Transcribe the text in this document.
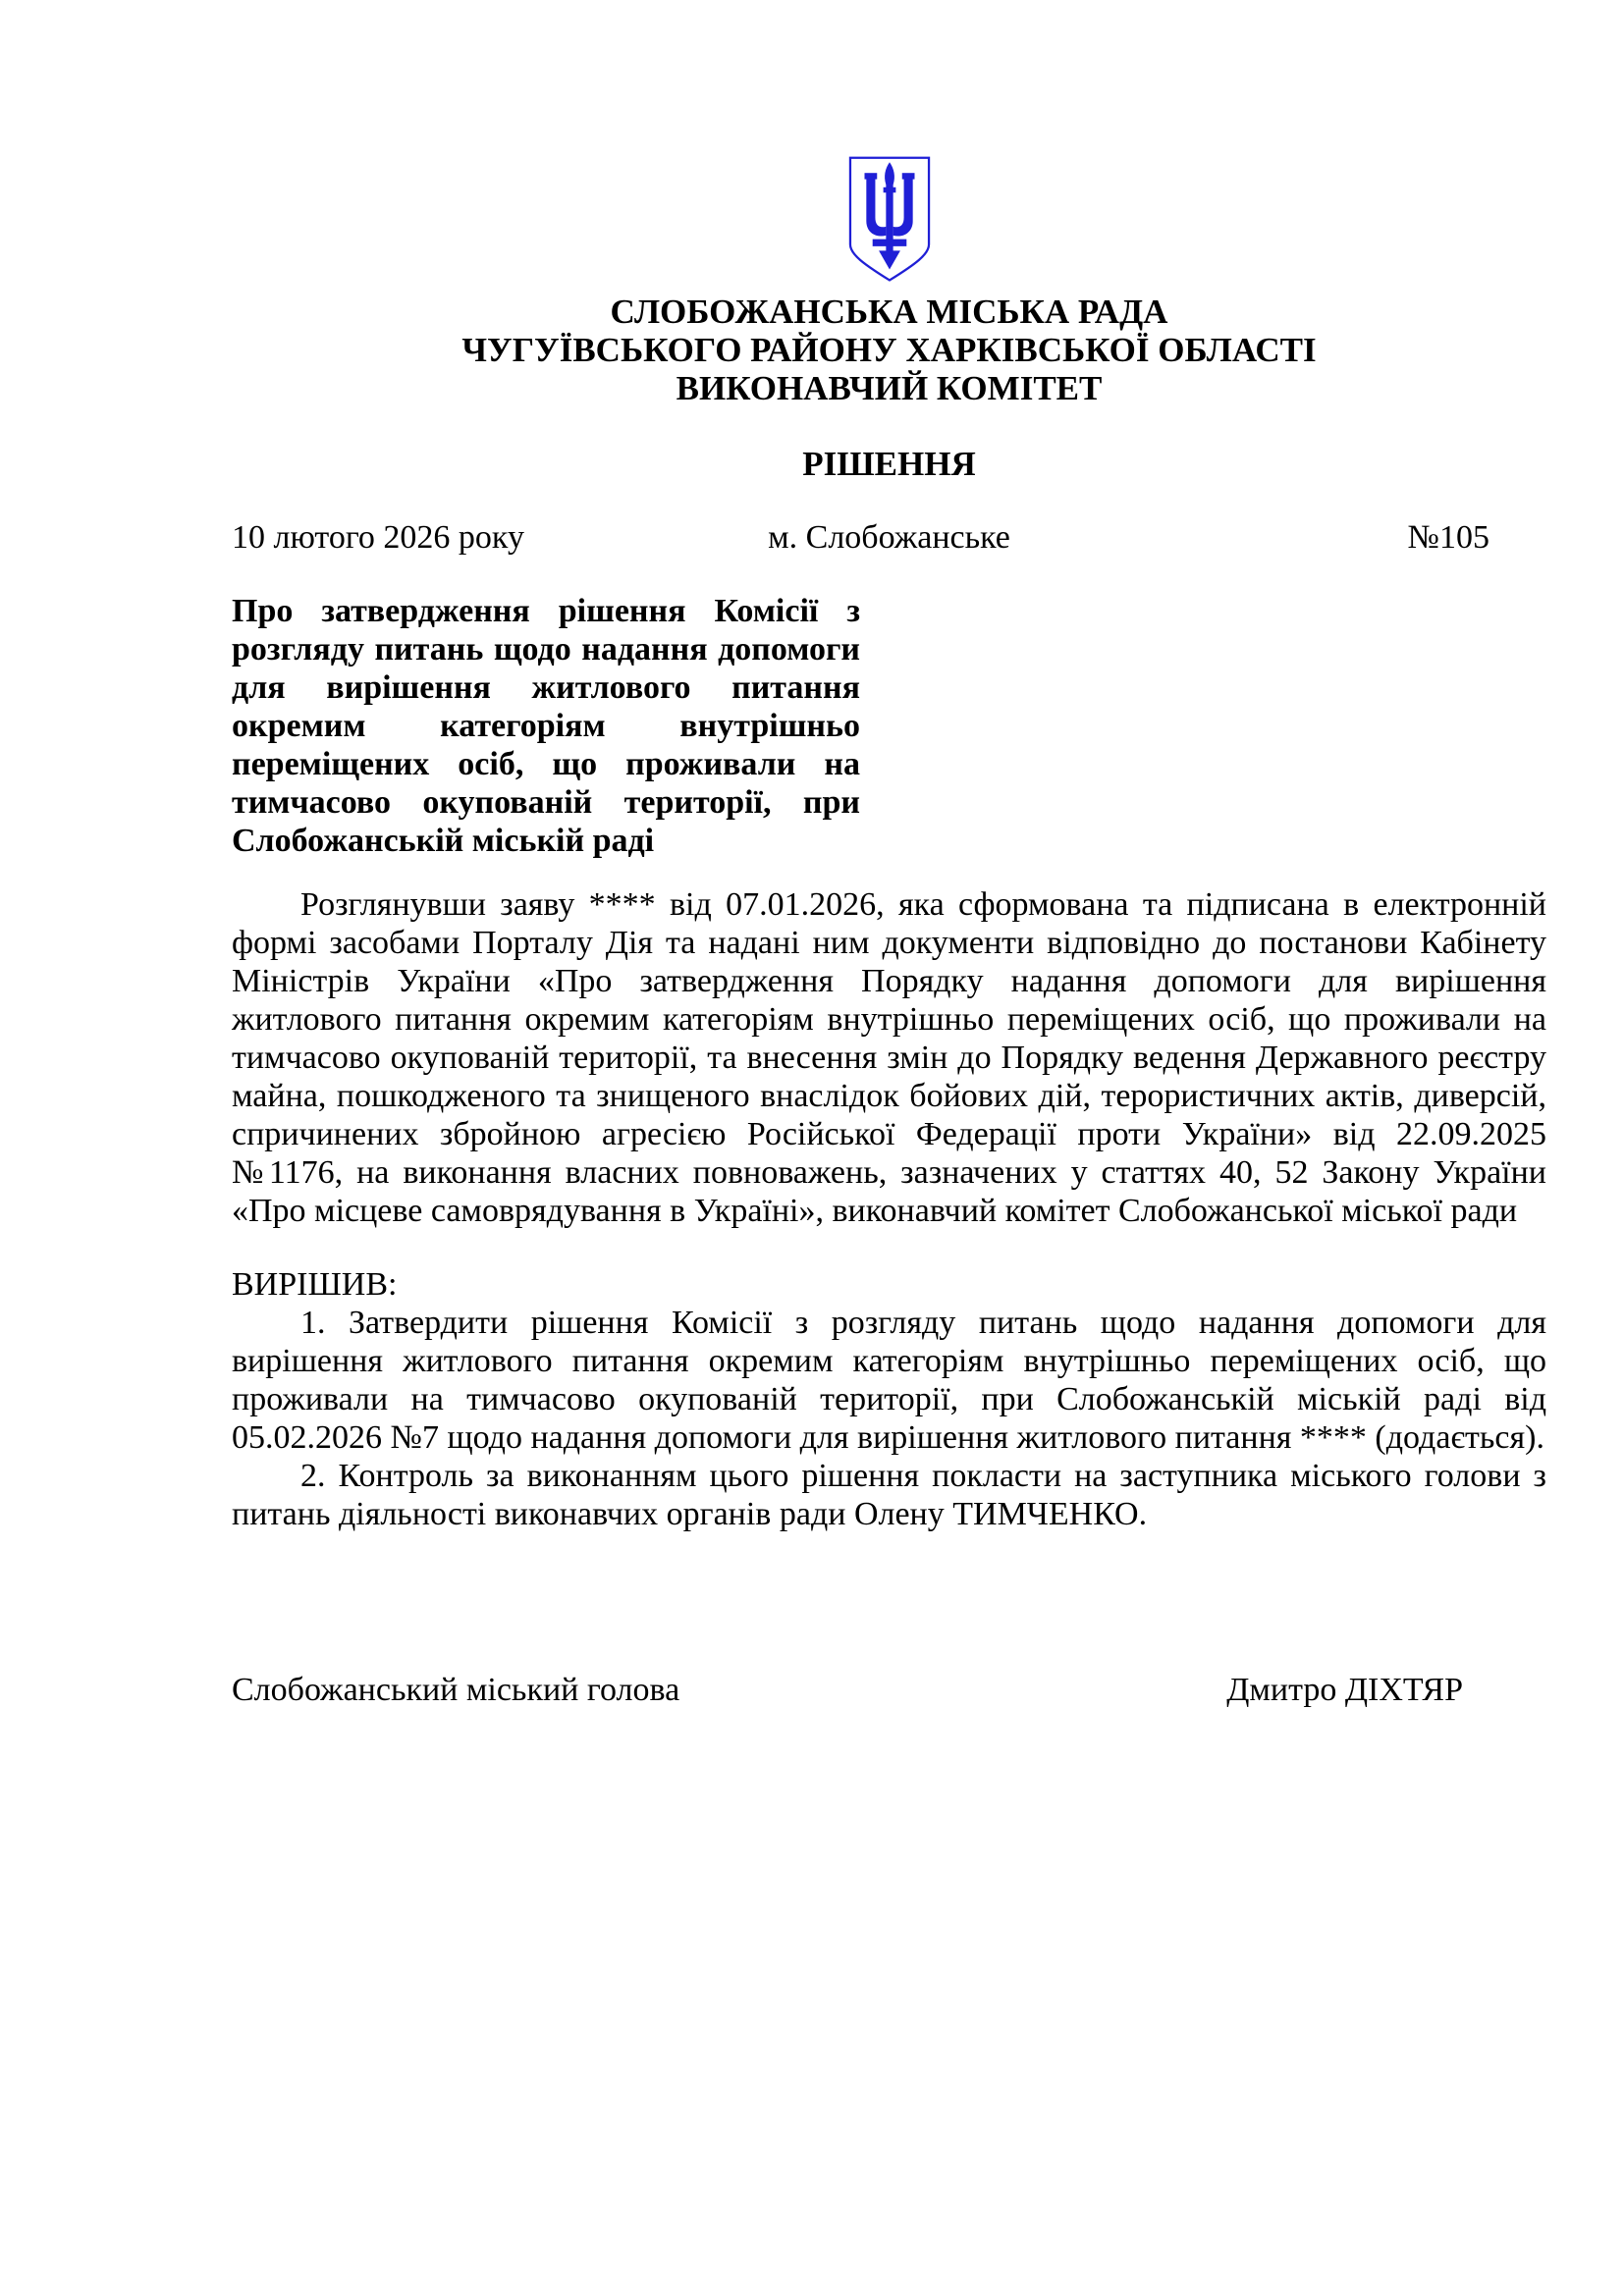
СЛОБОЖАНСЬКА МІСЬКА РАДА
ЧУГУЇВСЬКОГО РАЙОНУ ХАРКІВСЬКОЇ ОБЛАСТІ
ВИКОНАВЧИЙ КОМІТЕТ
РІШЕННЯ
10 лютого 2026 року	м. Слобожанське	№105
Про затвердження рішення Комісії з розгляду питань щодо надання допомоги для вирішення житлового питання окремим категоріям внутрішньо переміщених осіб, що проживали на тимчасово окупованій території, при Слобожанській міській раді
Розглянувши заяву **** від 07.01.2026, яка сформована та підписана в електронній формі засобами Порталу Дія та надані ним документи відповідно до постанови Кабінету Міністрів України «Про затвердження Порядку надання допомоги для вирішення житлового питання окремим категоріям внутрішньо переміщених осіб, що проживали на тимчасово окупованій території, та внесення змін до Порядку ведення Державного реєстру майна, пошкодженого та знищеного внаслідок бойових дій, терористичних актів, диверсій, спричинених збройною агресією Російської Федерації проти України» від 22.09.2025 №1176, на виконання власних повноважень, зазначених у статтях 40, 52 Закону України «Про місцеве самоврядування в Україні», виконавчий комітет Слобожанської міської ради
ВИРІШИВ:
1. Затвердити рішення Комісії з розгляду питань щодо надання допомоги для вирішення житлового питання окремим категоріям внутрішньо переміщених осіб, що проживали на тимчасово окупованій території, при Слобожанській міській раді від 05.02.2026 №7 щодо надання допомоги для вирішення житлового питання **** (додається).
2. Контроль за виконанням цього рішення покласти на заступника міського голови з питань діяльності виконавчих органів ради Олену ТИМЧЕНКО.
Слобожанський міський голова	Дмитро ДІХТЯР
